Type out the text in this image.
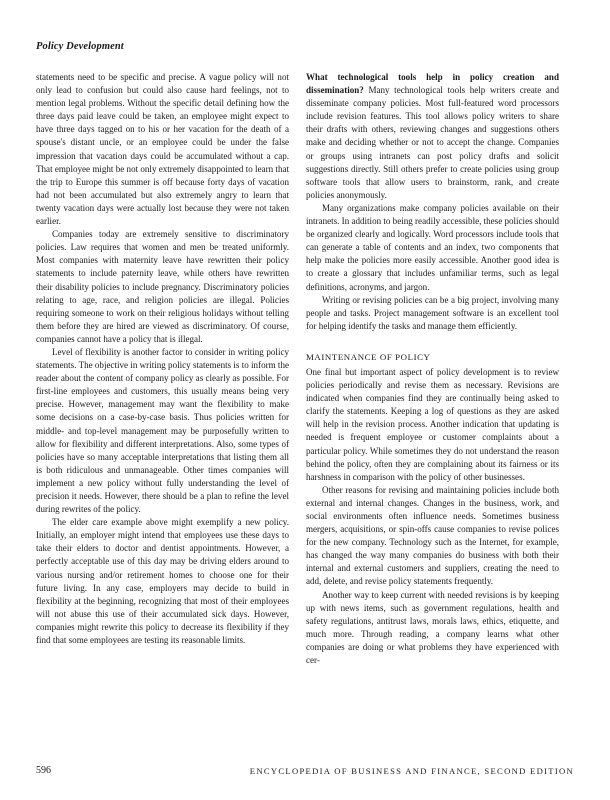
Policy Development

statements need to be specific and precise. A vague policy will not only lead to confusion but could also cause hard feelings, not to mention legal problems. Without the specific detail defining how the three days paid leave could be taken, an employee might expect to have three days tagged on to his or her vacation for the death of a spouse's distant uncle, or an employee could be under the false impression that vacation days could be accumulated without a cap. That employee might be not only extremely disappointed to learn that the trip to Europe this summer is off because forty days of vacation had not been accumulated but also extremely angry to learn that twenty vacation days were actually lost because they were not taken earlier.

Companies today are extremely sensitive to discriminatory policies. Law requires that women and men be treated uniformly. Most companies with maternity leave have rewritten their policy statements to include paternity leave, while others have rewritten their disability policies to include pregnancy. Discriminatory policies relating to age, race, and religion policies are illegal. Policies requiring someone to work on their religious holidays without telling them before they are hired are viewed as discriminatory. Of course, companies cannot have a policy that is illegal.

Level of flexibility is another factor to consider in writing policy statements. The objective in writing policy statements is to inform the reader about the content of company policy as clearly as possible. For first-line employees and customers, this usually means being very precise. However, management may want the flexibility to make some decisions on a case-by-case basis. Thus policies written for middle- and top-level management may be purposefully written to allow for flexibility and different interpretations. Also, some types of policies have so many acceptable interpretations that listing them all is both ridiculous and unmanageable. Other times companies will implement a new policy without fully understanding the level of precision it needs. However, there should be a plan to refine the level during rewrites of the policy.

The elder care example above might exemplify a new policy. Initially, an employer might intend that employees use these days to take their elders to doctor and dentist appointments. However, a perfectly acceptable use of this day may be driving elders around to various nursing and/or retirement homes to choose one for their future living. In any case, employers may decide to build in flexibility at the beginning, recognizing that most of their employees will not abuse this use of their accumulated sick days. However, companies might rewrite this policy to decrease its flexibility if they find that some employees are testing its reasonable limits.

What technological tools help in policy creation and dissemination? Many technological tools help writers create and disseminate company policies. Most full-featured word processors include revision features. This tool allows policy writers to share their drafts with others, reviewing changes and suggestions others make and deciding whether or not to accept the change. Companies or groups using intranets can post policy drafts and solicit suggestions directly. Still others prefer to create policies using group software tools that allow users to brainstorm, rank, and create policies anonymously.

Many organizations make company policies available on their intranets. In addition to being readily accessible, these policies should be organized clearly and logically. Word processors include tools that can generate a table of contents and an index, two components that help make the policies more easily accessible. Another good idea is to create a glossary that includes unfamiliar terms, such as legal definitions, acronyms, and jargon.

Writing or revising policies can be a big project, involving many people and tasks. Project management software is an excellent tool for helping identify the tasks and manage them efficiently.

MAINTENANCE OF POLICY

One final but important aspect of policy development is to review policies periodically and revise them as necessary. Revisions are indicated when companies find they are continually being asked to clarify the statements. Keeping a log of questions as they are asked will help in the revision process. Another indication that updating is needed is frequent employee or customer complaints about a particular policy. While sometimes they do not understand the reason behind the policy, often they are complaining about its fairness or its harshness in comparison with the policy of other businesses.

Other reasons for revising and maintaining policies include both external and internal changes. Changes in the business, work, and social environments often influence needs. Sometimes business mergers, acquisitions, or spin-offs cause companies to revise polices for the new company. Technology such as the Internet, for example, has changed the way many companies do business with both their internal and external customers and suppliers, creating the need to add, delete, and revise policy statements frequently.

Another way to keep current with needed revisions is by keeping up with news items, such as government regulations, health and safety regulations, antitrust laws, morals laws, ethics, etiquette, and much more. Through reading, a company learns what other companies are doing or what problems they have experienced with cer-

596	ENCYCLOPEDIA OF BUSINESS AND FINANCE, SECOND EDITION
